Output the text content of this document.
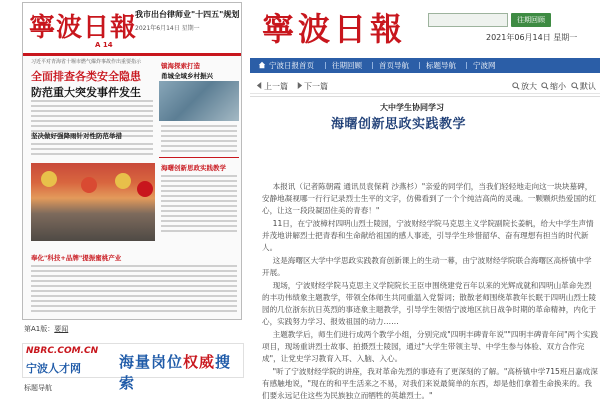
寧波日報
A 14
我市出台律师业"十四五"规划
2021年6月14日 星期一
习近平对青海省十堰市燃气爆炸事故作出重要指示
全面排查各类安全隐患
防范重大突发事件发生
坚决做好强降雨针对性防范举措
镇海探索打造
甬城全域乡村振兴
海曙创新思政实践教学
奉化"科技+品牌"提振蜜桃产业
第A1版：要闻
NBRC.COM.CN
宁波人才网	海量岗位权威搜索
标题导航
寧波日報	往期回顾
2021年06月14日 星期一
宁波日报首页 往期回顾 首页导航 标题导航 宁波网
上一篇 下一篇	放大 缩小 默认
大中学生协同学习
海曙创新思政实践教学

本报讯（记者陈朝霞 通讯员袁保莉 沙燕杉）"亲爱的同学们，当我们轻轻地走向这一块块墓碑，安静地凝视哪一行行记录烈士生平的文字，仿佛看到了一个个纯洁高尚的灵魂。一颗颗炽热爱国的红心，让这一段段凝固住美的青春！"

11日，在宁波樟村四明山烈士陵园，宁波财经学院马克思主义学院副院长姜帆，给大中学生声情并茂地讲解烈士把青春和生命献给祖国的感人事迹，引导学生珍惜韶华、奋有理想有担当的时代新人。

这是海曙区大学中学思政实践教育创新课上的生动一幕，由宁波财经学院联合海曙区高桥镇中学开展。

现场，宁波财经学院马克思主义学院院长王臣申围绕建党百年以来的光辉成就和四明山革命先烈的丰功伟绩象主题教学，带领全体师生共同重温入党誓词；散散老师围绕革教年长眠于四明山烈士陵园的几位浙东抗日英烈的事迹象主题教学，引导学生领悟宁波地区抗日战争时期的革命精神，内化于心，实践努力学习、报效祖国的动力……

主题教学后，师生们进行成两个教学小组，分别完成"四明丰碑青年说""四明丰碑青年问"两个实践项目，现场重讲烈士故事、拍摄烈士陵园，通过"大学生带领主导、中学生参与体验、双方合作完成"，让党史学习教育入耳、入脑、入心。

"听了宁波财经学院的讲座，我对革命先烈的事迹有了更深刻的了解。"高桥镇中学715班吕嘉成深有感触地说，"现在的和平生活来之不易，对我们来说最简单的东西，却是他们拿着生命换来的。我们要永远记住这些为民族独立而牺牲的英雄烈士。"
